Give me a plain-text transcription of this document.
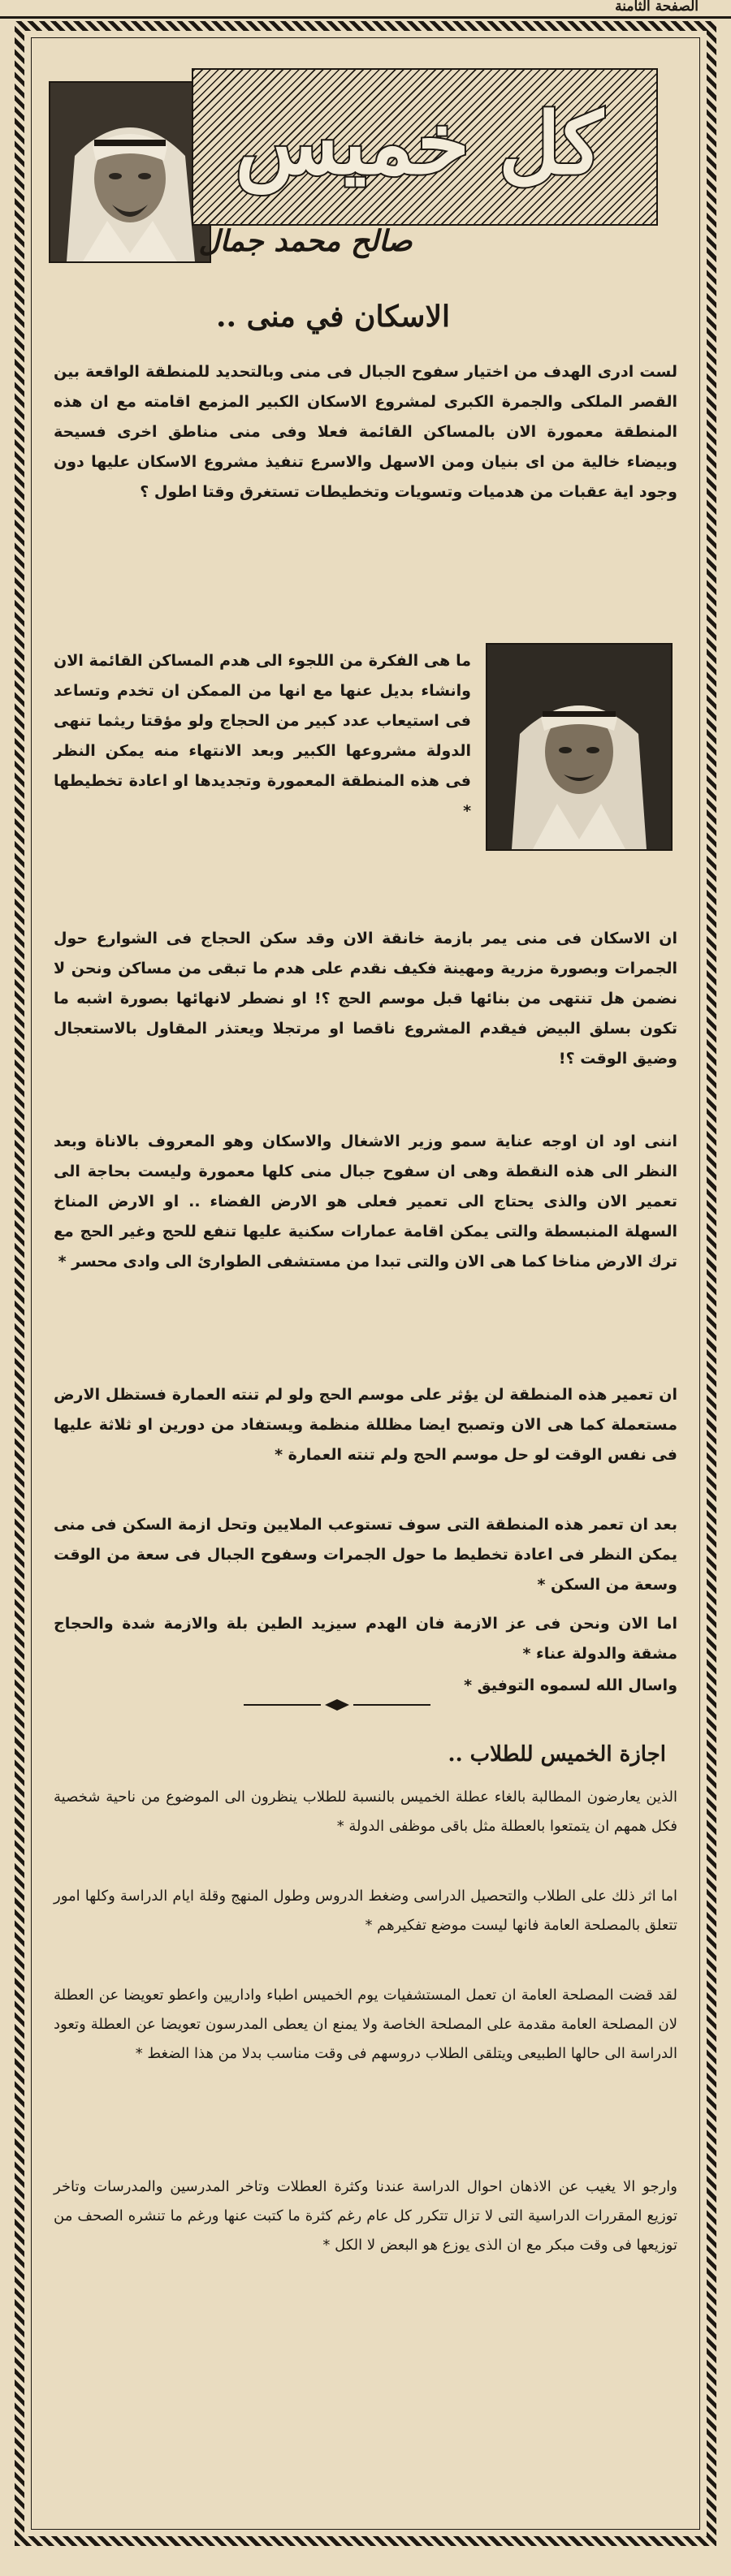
الصفحة الثامنة
كل خميس
صالح محمد جمال
الاسكان في منى ..

لست ادرى الهدف من اختيار سفوح الجبال فى منى وبالتحديد للمنطقة الواقعة بين القصر الملكى والجمرة الكبرى لمشروع الاسكان الكبير المزمع اقامته مع ان هذه المنطقة معمورة الان بالمساكن القائمة فعلا وفى منى مناطق اخرى فسيحة وبيضاء خالية من اى بنيان ومن الاسهل والاسرع تنفيذ مشروع الاسكان عليها دون وجود اية عقبات من هدميات وتسويات وتخطيطات تستغرق وقتا اطول ؟

ما هى الفكرة من اللجوء الى هدم المساكن القائمة الان وانشاء بديل عنها مع انها من الممكن ان تخدم وتساعد فى استيعاب عدد كبير من الحجاج ولو مؤقتا ريثما تنهى الدولة مشروعها الكبير وبعد الانتهاء منه يمكن النظر فى هذه المنطقة المعمورة وتجديدها او اعادة تخطيطها *

ان الاسكان فى منى يمر بازمة خانقة الان وقد سكن الحجاج فى الشوارع حول الجمرات وبصورة مزرية ومهينة فكيف نقدم على هدم ما تبقى من مساكن ونحن لا نضمن هل تنتهى من بنائها قبل موسم الحج ؟! او نضطر لانهائها بصورة اشبه ما تكون بسلق البيض فيقدم المشروع ناقصا او مرتجلا ويعتذر المقاول بالاستعجال وضيق الوقت ؟!

اننى اود ان اوجه عناية سمو وزير الاشغال والاسكان وهو المعروف بالاناة وبعد النظر الى هذه النقطة وهى ان سفوح جبال منى كلها معمورة وليست بحاجة الى تعمير الان والذى يحتاج الى تعمير فعلى هو الارض الفضاء .. او الارض المناخ السهلة المنبسطة والتى يمكن اقامة عمارات سكنية عليها تنفع للحج وغير الحج مع ترك الارض مناخا كما هى الان والتى تبدا من مستشفى الطوارئ الى وادى محسر *

ان تعمير هذه المنطقة لن يؤثر على موسم الحج ولو لم تنته العمارة فستظل الارض مستعملة كما هى الان وتصبح ايضا مظللة منظمة ويستفاد من دورين او ثلاثة عليها فى نفس الوقت لو حل موسم الحج ولم تنته العمارة *

بعد ان تعمر هذه المنطقة التى سوف تستوعب الملايين وتحل ازمة السكن فى منى يمكن النظر فى اعادة تخطيط ما حول الجمرات وسفوح الجبال فى سعة من الوقت وسعة من السكن *

اما الان ونحن فى عز الازمة فان الهدم سيزيد الطين بلة والازمة شدة والحجاج مشقة والدولة عناء *

واسال الله لسموه التوفيق *

اجازة الخميس للطلاب ..

الذين يعارضون المطالبة بالغاء عطلة الخميس بالنسبة للطلاب ينظرون الى الموضوع من ناحية شخصية فكل همهم ان يتمتعوا بالعطلة مثل باقى موظفى الدولة *

اما اثر ذلك على الطلاب والتحصيل الدراسى وضغط الدروس وطول المنهج وقلة ايام الدراسة وكلها امور تتعلق بالمصلحة العامة فانها ليست موضع تفكيرهم *

لقد قضت المصلحة العامة ان تعمل المستشفيات يوم الخميس اطباء واداريين واعطو تعويضا عن العطلة لان المصلحة العامة مقدمة على المصلحة الخاصة ولا يمنع ان يعطى المدرسون تعويضا عن العطلة وتعود الدراسة الى حالها الطبيعى ويتلقى الطلاب دروسهم فى وقت مناسب بدلا من هذا الضغط *

وارجو الا يغيب عن الاذهان احوال الدراسة عندنا وكثرة العطلات وتاخر المدرسين والمدرسات وتاخر توزيع المقررات الدراسية التى لا تزال تتكرر كل عام رغم كثرة ما كتبت عنها ورغم ما تنشره الصحف من توزيعها فى وقت مبكر مع ان الذى يوزع هو البعض لا الكل *
